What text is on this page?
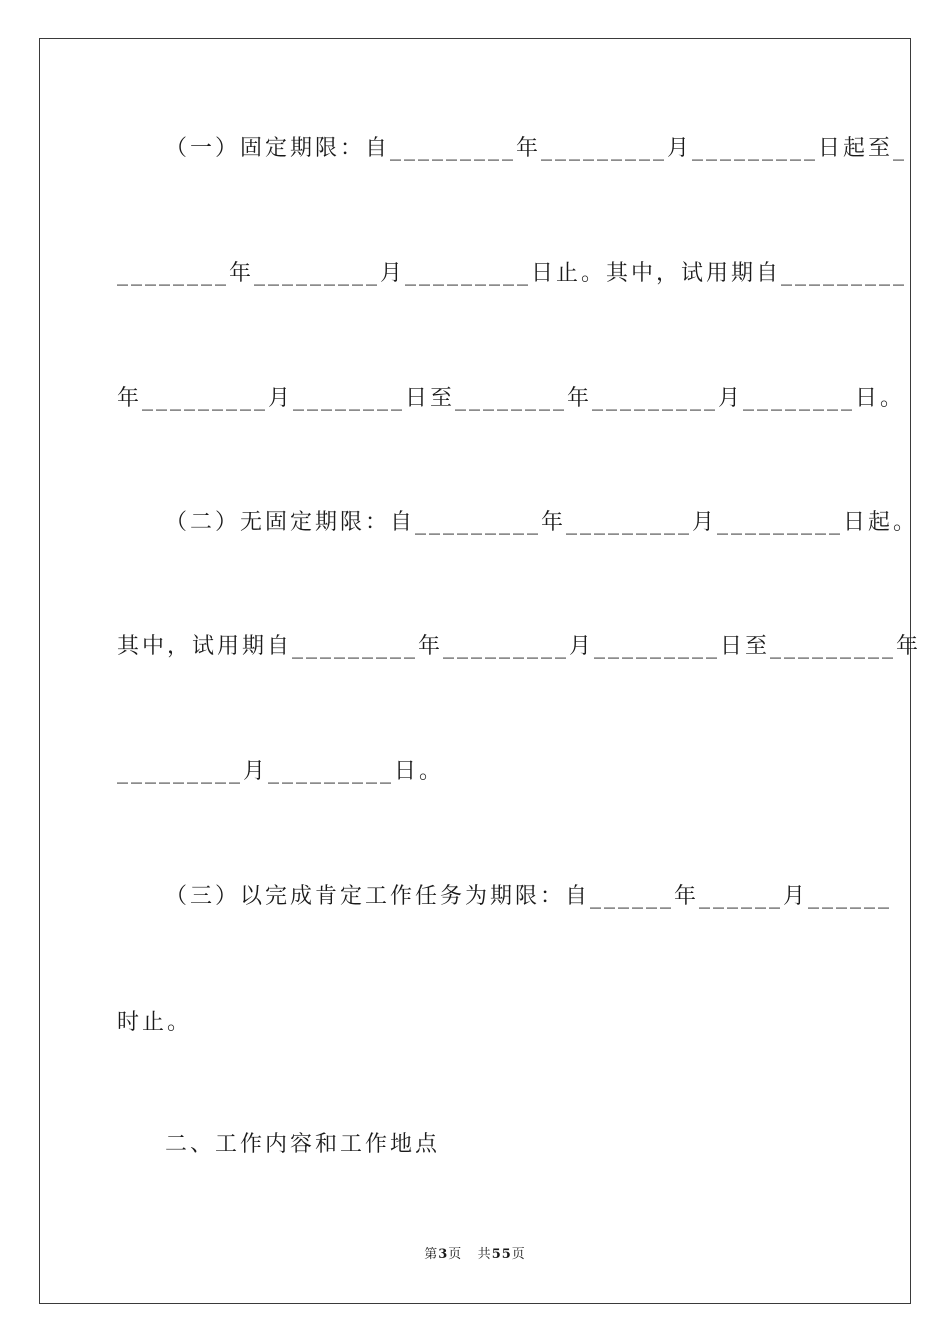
（一）固定期限：自_________年_________月_________日起至_
________年_________月_________日止。其中，试用期自_________
年_________月________日至________年_________月________日。
（二）无固定期限：自_________年_________月_________日起。
其中，试用期自_________年_________月_________日至_________年
_________月_________日。
（三）以完成肯定工作任务为期限：自______年______月______
时止。
二、工作内容和工作地点
第3页 共55页
